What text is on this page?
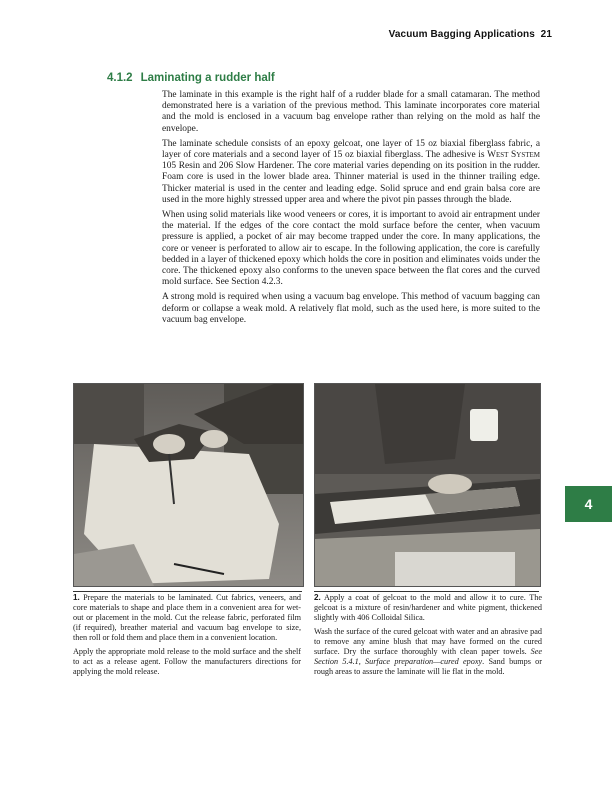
Vacuum Bagging Applications 21
4.1.2 Laminating a rudder half

The laminate in this example is the right half of a rudder blade for a small catamaran. The method demonstrated here is a variation of the previous method. This laminate incorporates core material and the mold is enclosed in a vacuum bag envelope rather than relying on the mold as half the envelope.

The laminate schedule consists of an epoxy gelcoat, one layer of 15 oz biaxial fiberglass fabric, a layer of core materials and a second layer of 15 oz biaxial fiberglass. The adhesive is West System 105 Resin and 206 Slow Hardener. The core material varies depending on its position in the rudder. Foam core is used in the lower blade area. Thinner material is used in the thinner trailing edge. Thicker material is used in the center and leading edge. Solid spruce and end grain balsa core are used in the more highly stressed upper area and where the pivot pin passes through the blade.

When using solid materials like wood veneers or cores, it is important to avoid air entrapment under the material. If the edges of the core contact the mold surface before the center, when vacuum pressure is applied, a pocket of air may become trapped under the core. In many applications, the core or veneer is perforated to allow air to escape. In the following application, the core is carefully bedded in a layer of thickened epoxy which holds the core in position and eliminates voids under the core. The thickened epoxy also conforms to the uneven space between the flat cores and the curved mold surface. See Section 4.2.3.

A strong mold is required when using a vacuum bag envelope. This method of vacuum bagging can deform or collapse a weak mold. A relatively flat mold, such as the used here, is more suited to the vacuum bag envelope.

4

1. Prepare the materials to be laminated. Cut fabrics, veneers, and core materials to shape and place them in a convenient area for wet-out or placement in the mold. Cut the release fabric, perforated film (if required), breather material and vacuum bag envelope to size, then roll or fold them and place them in a convenient location.

Apply the appropriate mold release to the mold surface and the shelf to act as a release agent. Follow the manufacturers directions for applying the mold release.

2. Apply a coat of gelcoat to the mold and allow it to cure. The gelcoat is a mixture of resin/hardener and white pigment, thickened slightly with 406 Colloidal Silica.

Wash the surface of the cured gelcoat with water and an abrasive pad to remove any amine blush that may have formed on the cured surface. Dry the surface thoroughly with clean paper towels. See Section 5.4.1, Surface preparation—cured epoxy. Sand bumps or rough areas to assure the laminate will lie flat in the mold.
